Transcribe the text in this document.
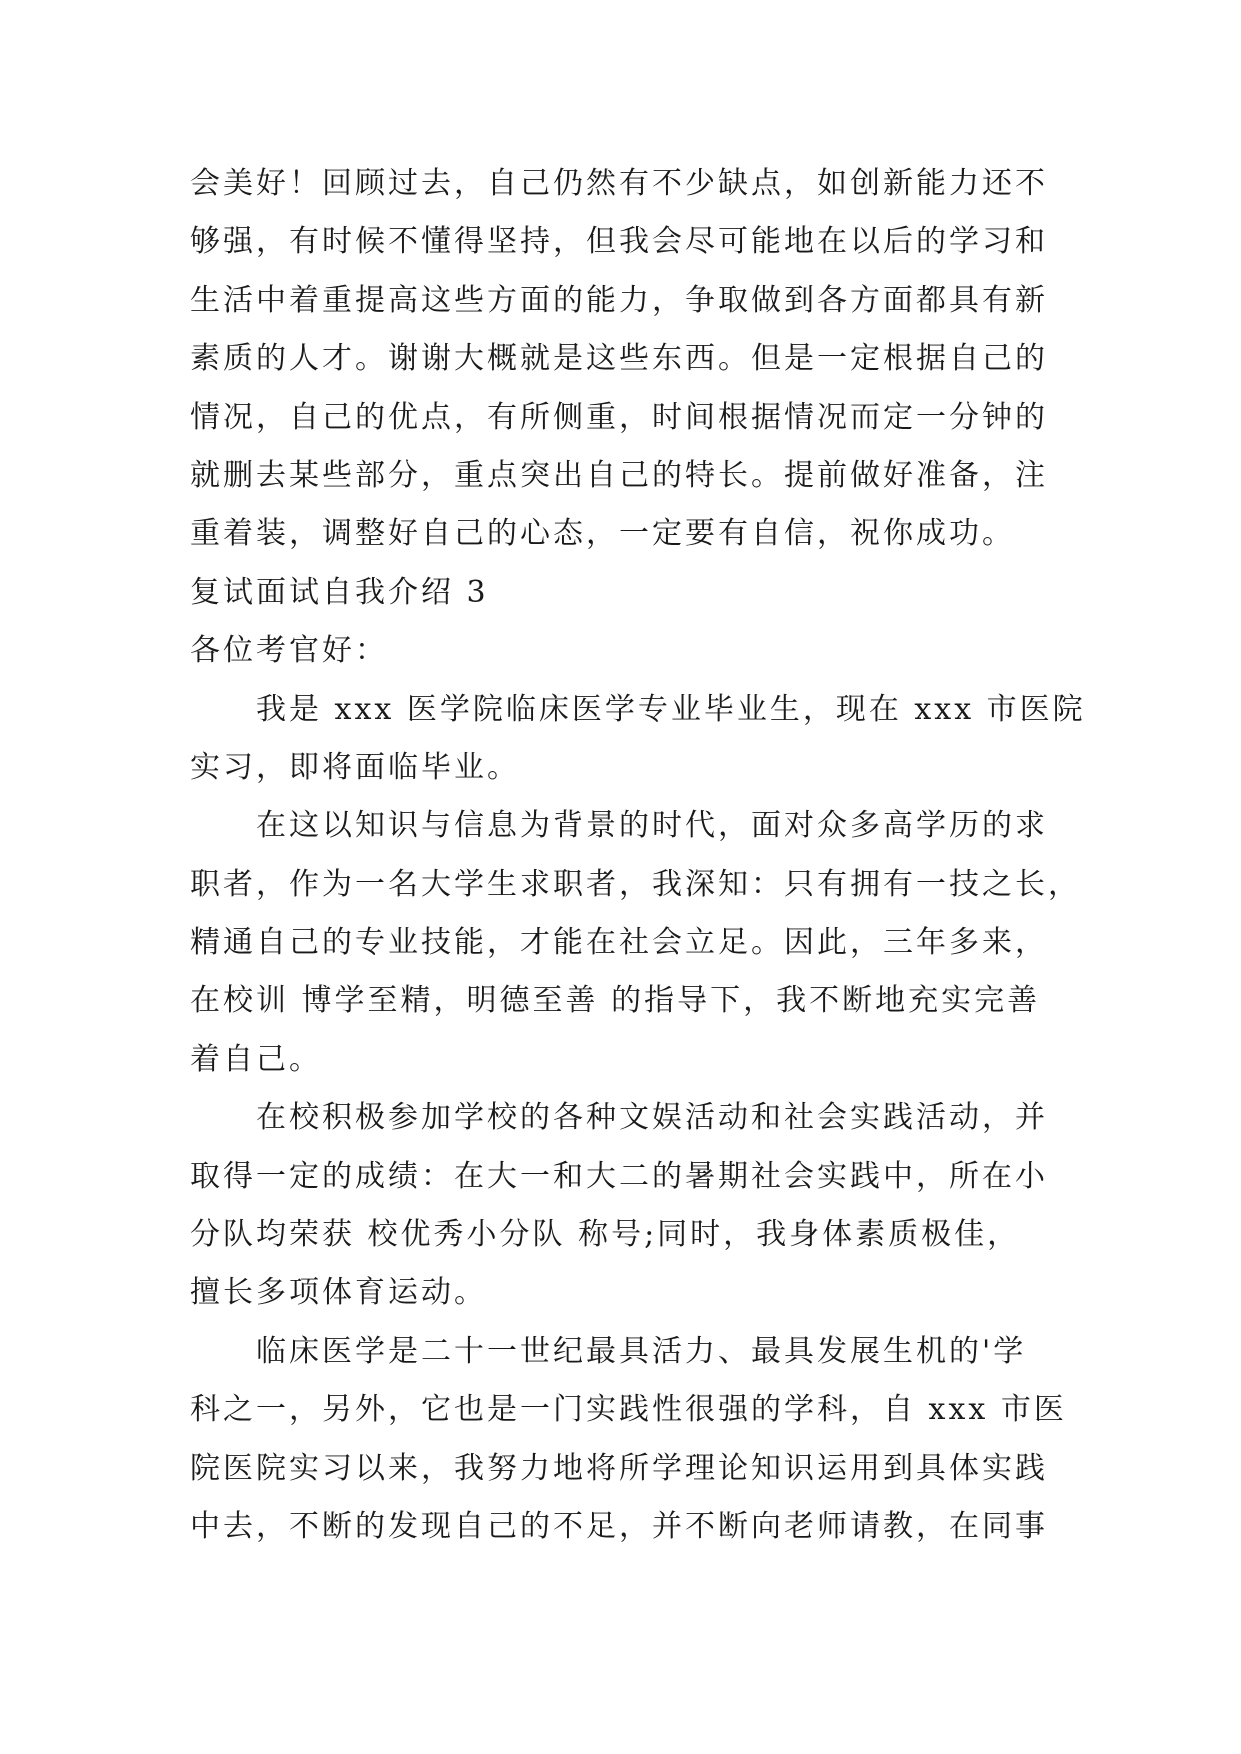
会美好！回顾过去，自己仍然有不少缺点，如创新能力还不
够强，有时候不懂得坚持，但我会尽可能地在以后的学习和
生活中着重提高这些方面的能力，争取做到各方面都具有新
素质的人才。谢谢大概就是这些东西。但是一定根据自己的
情况，自己的优点，有所侧重，时间根据情况而定一分钟的
就删去某些部分，重点突出自己的特长。提前做好准备，注
重着装，调整好自己的心态，一定要有自信，祝你成功。
复试面试自我介绍 3
各位考官好：
我是 xxx 医学院临床医学专业毕业生，现在 xxx 市医院
实习，即将面临毕业。
在这以知识与信息为背景的时代，面对众多高学历的求
职者，作为一名大学生求职者，我深知：只有拥有一技之长，
精通自己的专业技能，才能在社会立足。因此，三年多来，
在校训 博学至精，明德至善 的指导下，我不断地充实完善
着自己。
在校积极参加学校的各种文娱活动和社会实践活动，并
取得一定的成绩：在大一和大二的暑期社会实践中，所在小
分队均荣获 校优秀小分队 称号;同时，我身体素质极佳，
擅长多项体育运动。
临床医学是二十一世纪最具活力、最具发展生机的'学
科之一，另外，它也是一门实践性很强的学科，自 xxx 市医
院医院实习以来，我努力地将所学理论知识运用到具体实践
中去，不断的发现自己的不足，并不断向老师请教，在同事
